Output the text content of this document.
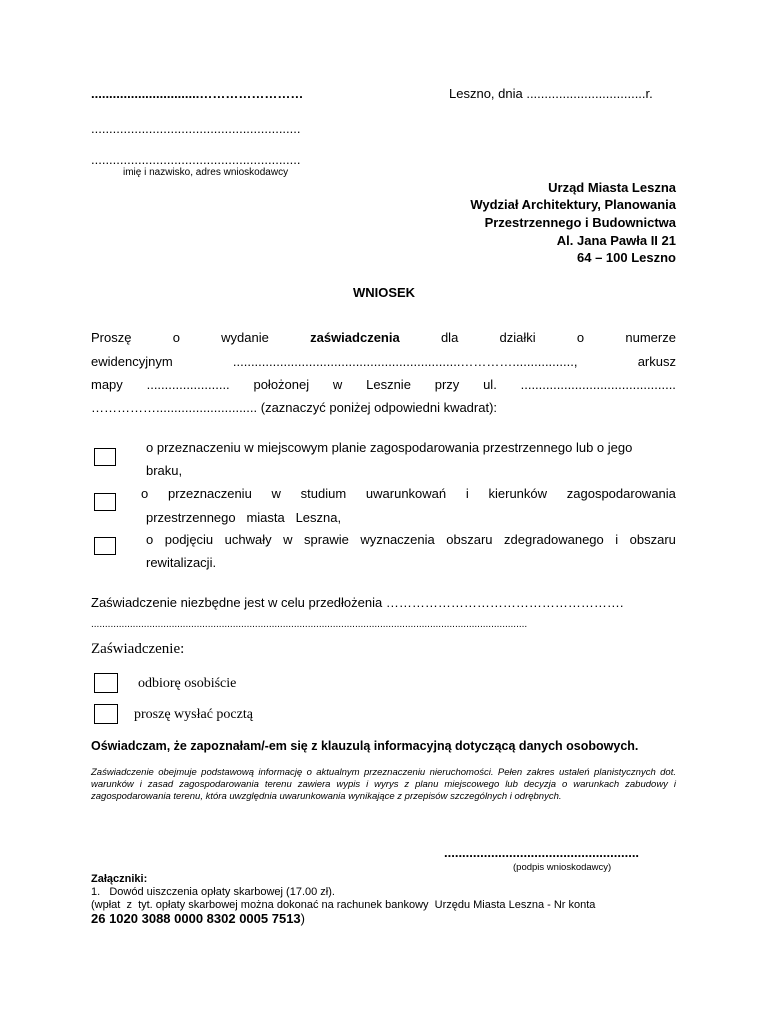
..............................……………………	Leszno, dnia .................................r.
..........................................................
..........................................................
imię i nazwisko, adres wnioskodawcy
Urząd Miasta Leszna
Wydział Architektury, Planowania
Przestrzennego i Budownictwa
Al. Jana Pawła II 21
64 – 100 Leszno
WNIOSEK
Proszę	o	wydanie	zaświadczenia	dla	działki	o	numerze
ewidencyjnym	...............................................................………….................,	arkusz
mapy ....................... położonej w Lesznie przy ul. ...........................................
……………............................ (zaznaczyć poniżej odpowiedni kwadrat):
o przeznaczeniu w miejscowym planie zagospodarowania przestrzennego lub o jego
braku,
o przeznaczeniu w studium uwarunkowań i kierunków zagospodarowania
przestrzennego   miasta   Leszna,
o podjęciu uchwały w sprawie wyznaczenia obszaru zdegradowanego i obszaru
rewitalizacji.
Zaświadczenie niezbędne jest w celu przedłożenia ……………………………………………….
.............................................................................................................................................................
Zaświadczenie:
odbiorę osobiście
proszę wysłać pocztą
Oświadczam, że zapoznałam/-em się z klauzulą informacyjną dotyczącą danych osobowych.
Zaświadczenie obejmuje podstawową informację o aktualnym przeznaczeniu nieruchomości. Pełen zakres ustaleń planistycznych dot. warunków i zasad zagospodarowania terenu zawiera wypis i wyrys z planu miejscowego lub decyzja o warunkach zabudowy i zagospodarowania terenu, która uwzględnia uwarunkowania wynikające z przepisów szczególnych i odrębnych.
......................................................
(podpis wnioskodawcy)
Załączniki:
1.   Dowód uiszczenia opłaty skarbowej (17.00 zł).
(wpłat  z  tyt. opłaty skarbowej można dokonać na rachunek bankowy  Urzędu Miasta Leszna - Nr konta
26 1020 3088 0000 8302 0005 7513)
